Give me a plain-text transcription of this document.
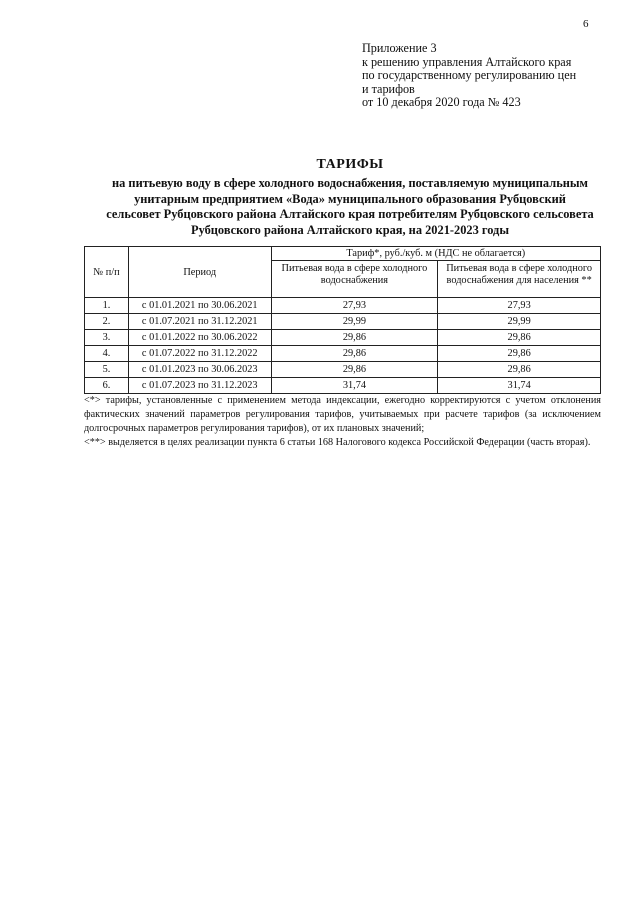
6
Приложение 3
к решению управления Алтайского края
по государственному регулированию цен
и тарифов
от 10 декабря 2020 года № 423
ТАРИФЫ
на питьевую воду в сфере холодного водоснабжения, поставляемую муниципальным
унитарным предприятием «Вода» муниципального образования Рубцовский
сельсовет Рубцовского района Алтайского края потребителям Рубцовского сельсовета
Рубцовского района Алтайского края, на 2021-2023 годы
№ п/п	Период	Тариф*, руб./куб. м (НДС не облагается)	
		Питьевая вода в сфере холодного водоснабжения	Питьевая вода в сфере холодного водоснабжения для населения **
1.	с 01.01.2021 по 30.06.2021	27,93	27,93
2.	с 01.07.2021 по 31.12.2021	29,99	29,99
3.	с 01.01.2022 по 30.06.2022	29,86	29,86
4.	с 01.07.2022 по 31.12.2022	29,86	29,86
5.	с 01.01.2023 по 30.06.2023	29,86	29,86
6.	с 01.07.2023 по 31.12.2023	31,74	31,74

<*> тарифы, установленные с применением метода индексации, ежегодно корректируются с учетом отклонения фактических значений параметров регулирования тарифов, учитываемых при расчете тарифов (за исключением долгосрочных параметров регулирования тарифов), от их плановых значений;

<**> выделяется в целях реализации пункта 6 статьи 168 Налогового кодекса Российской Федерации (часть вторая).
